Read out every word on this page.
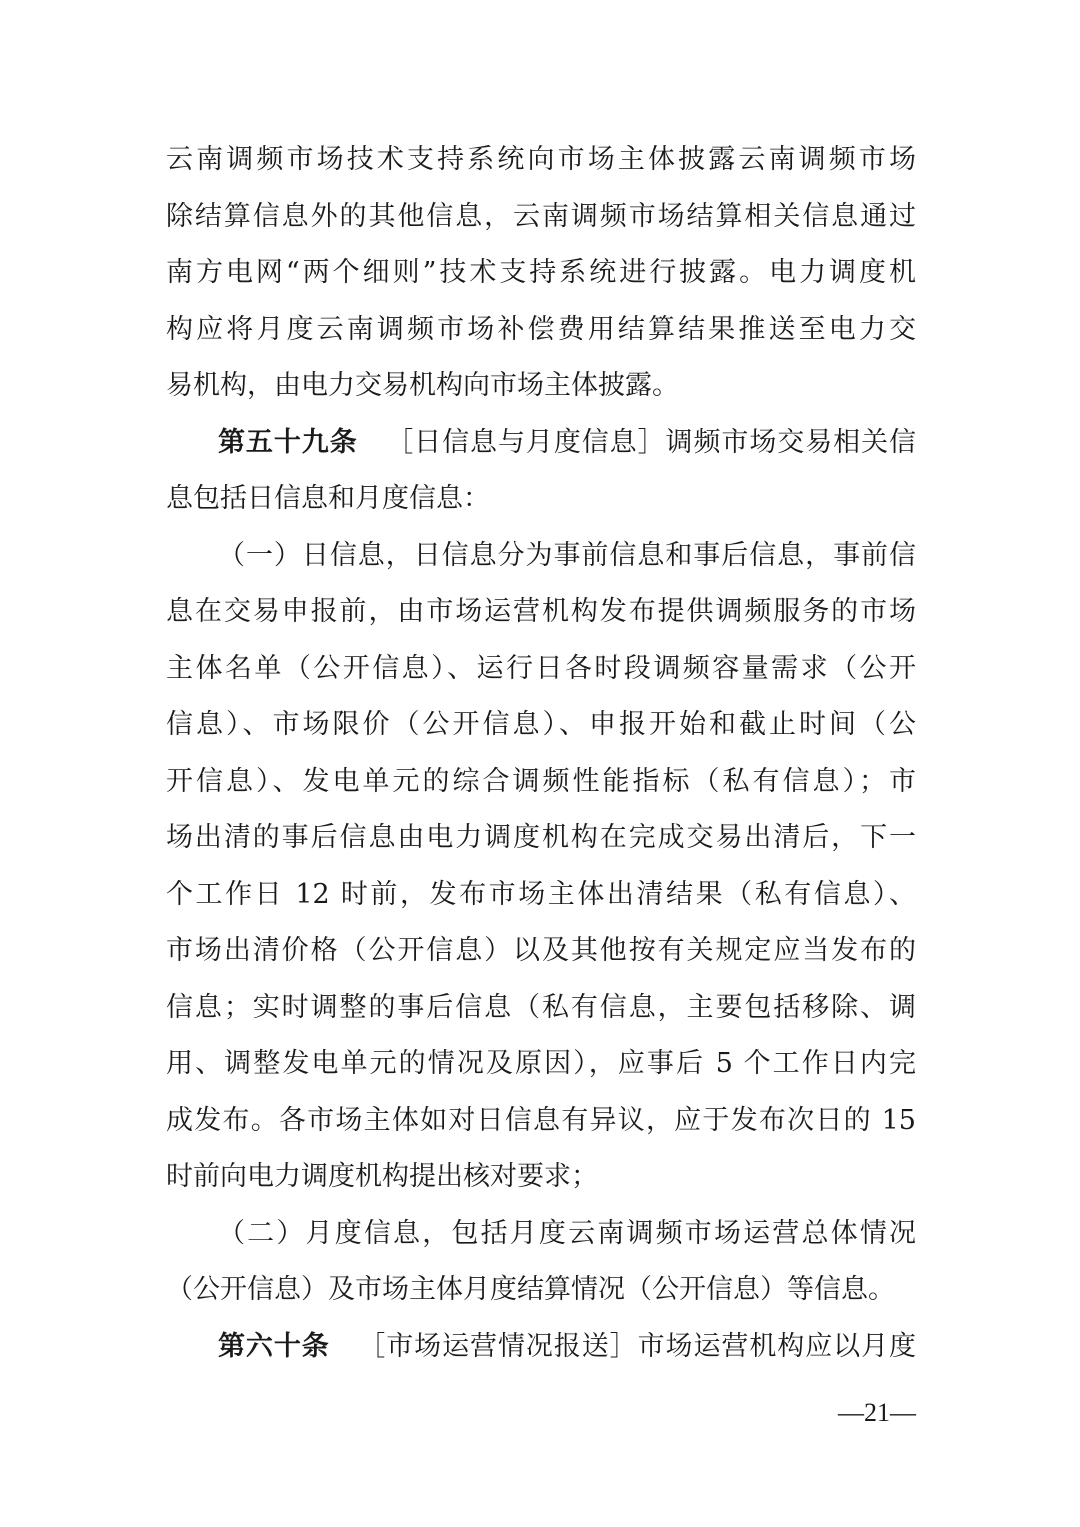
云南调频市场技术支持系统向市场主体披露云南调频市场
除结算信息外的其他信息，云南调频市场结算相关信息通过
南方电网“两个细则”技术支持系统进行披露。电力调度机
构应将月度云南调频市场补偿费用结算结果推送至电力交
易机构，由电力交易机构向市场主体披露。
第五十九条 ［日信息与月度信息］调频市场交易相关信
息包括日信息和月度信息：
（一）日信息，日信息分为事前信息和事后信息，事前信
息在交易申报前，由市场运营机构发布提供调频服务的市场
主体名单（公开信息）、运行日各时段调频容量需求（公开
信息）、市场限价（公开信息）、申报开始和截止时间（公
开信息）、发电单元的综合调频性能指标（私有信息）；市
场出清的事后信息由电力调度机构在完成交易出清后，下一
个工作日 12 时前，发布市场主体出清结果（私有信息）、
市场出清价格（公开信息）以及其他按有关规定应当发布的
信息；实时调整的事后信息（私有信息，主要包括移除、调
用、调整发电单元的情况及原因），应事后 5 个工作日内完
成发布。各市场主体如对日信息有异议，应于发布次日的 15
时前向电力调度机构提出核对要求；
（二）月度信息，包括月度云南调频市场运营总体情况
（公开信息）及市场主体月度结算情况（公开信息）等信息。
第六十条 ［市场运营情况报送］市场运营机构应以月度
—21—
